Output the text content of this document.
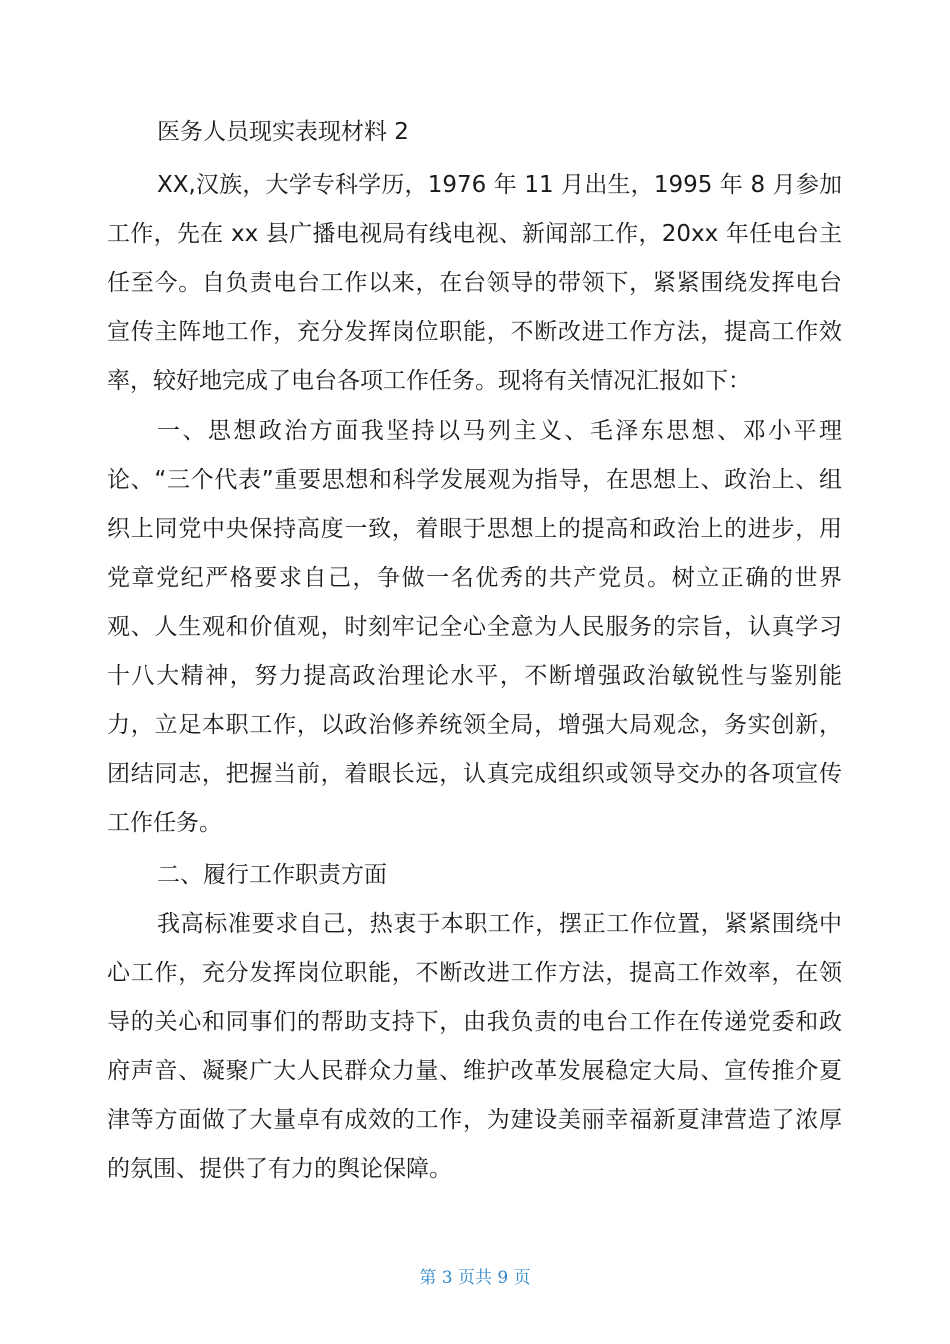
医务人员现实表现材料 2

XX,汉族，大学专科学历，1976 年 11 月出生，1995 年 8 月参加工作，先在 xx 县广播电视局有线电视、新闻部工作，20xx 年任电台主任至今。自负责电台工作以来，在台领导的带领下，紧紧围绕发挥电台宣传主阵地工作，充分发挥岗位职能，不断改进工作方法，提高工作效率，较好地完成了电台各项工作任务。现将有关情况汇报如下：

一、思想政治方面我坚持以马列主义、毛泽东思想、邓小平理论、“三个代表”重要思想和科学发展观为指导，在思想上、政治上、组织上同党中央保持高度一致，着眼于思想上的提高和政治上的进步，用党章党纪严格要求自己，争做一名优秀的共产党员。树立正确的世界观、人生观和价值观，时刻牢记全心全意为人民服务的宗旨，认真学习十八大精神，努力提高政治理论水平，不断增强政治敏锐性与鉴别能力，立足本职工作，以政治修养统领全局，增强大局观念，务实创新，团结同志，把握当前，着眼长远，认真完成组织或领导交办的各项宣传工作任务。

二、履行工作职责方面

我高标准要求自己，热衷于本职工作，摆正工作位置，紧紧围绕中心工作，充分发挥岗位职能，不断改进工作方法，提高工作效率，在领导的关心和同事们的帮助支持下，由我负责的电台工作在传递党委和政府声音、凝聚广大人民群众力量、维护改革发展稳定大局、宣传推介夏津等方面做了大量卓有成效的工作，为建设美丽幸福新夏津营造了浓厚的氛围、提供了有力的舆论保障。

第 3 页共 9 页
